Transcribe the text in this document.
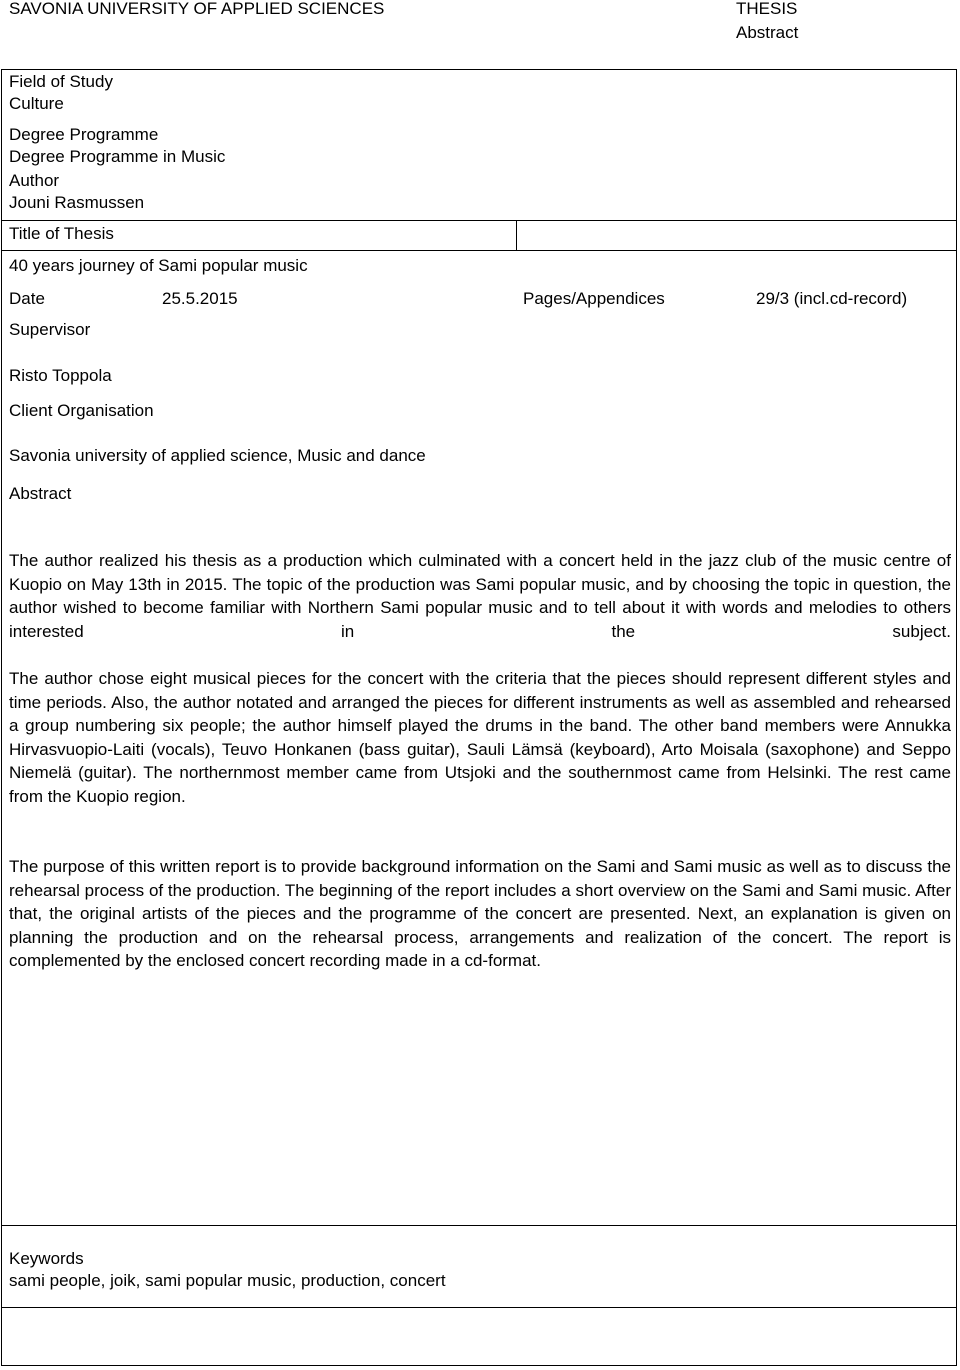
SAVONIA UNIVERSITY OF APPLIED SCIENCES	THESIS
Abstract
Field of Study
Culture
Degree Programme
Degree Programme in Music
Author
Jouni Rasmussen
Title of Thesis
40 years journey of Sami popular music
Date	25.5.2015	Pages/Appendices	29/3 (incl.cd-record)
Supervisor
Risto Toppola
Client Organisation
Savonia university of applied science, Music and dance
Abstract
The author realized his thesis as a production which culminated with a concert held in the jazz club of the music centre of Kuopio on May 13th in 2015. The topic of the production was Sami popular music, and by choosing the topic in question, the author wished to become familiar with Northern Sami popular music and to tell about it with words and melodies to others interested in the subject.
The author chose eight musical pieces for the concert with the criteria that the pieces should represent different styles and time periods. Also, the author notated and arranged the pieces for different instruments as well as assembled and rehearsed a group numbering six people; the author himself played the drums in the band. The other band members were Annukka Hirvasvuopio-Laiti (vocals), Teuvo Honkanen (bass guitar), Sauli Lämsä (keyboard), Arto Moisala (saxophone) and Seppo Niemelä (guitar). The northernmost member came from Utsjoki and the southernmost came from Helsinki. The rest came from the Kuopio region.
The purpose of this written report is to provide background information on the Sami and Sami music as well as to discuss the rehearsal process of the production. The beginning of the report includes a short overview on the Sami and Sami music. After that, the original artists of the pieces and the programme of the concert are presented. Next, an explanation is given on planning the production and on the rehearsal process, arrangements and realization of the concert. The report is complemented by the enclosed concert recording made in a cd-format.
Keywords
sami people, joik, sami popular music, production, concert
